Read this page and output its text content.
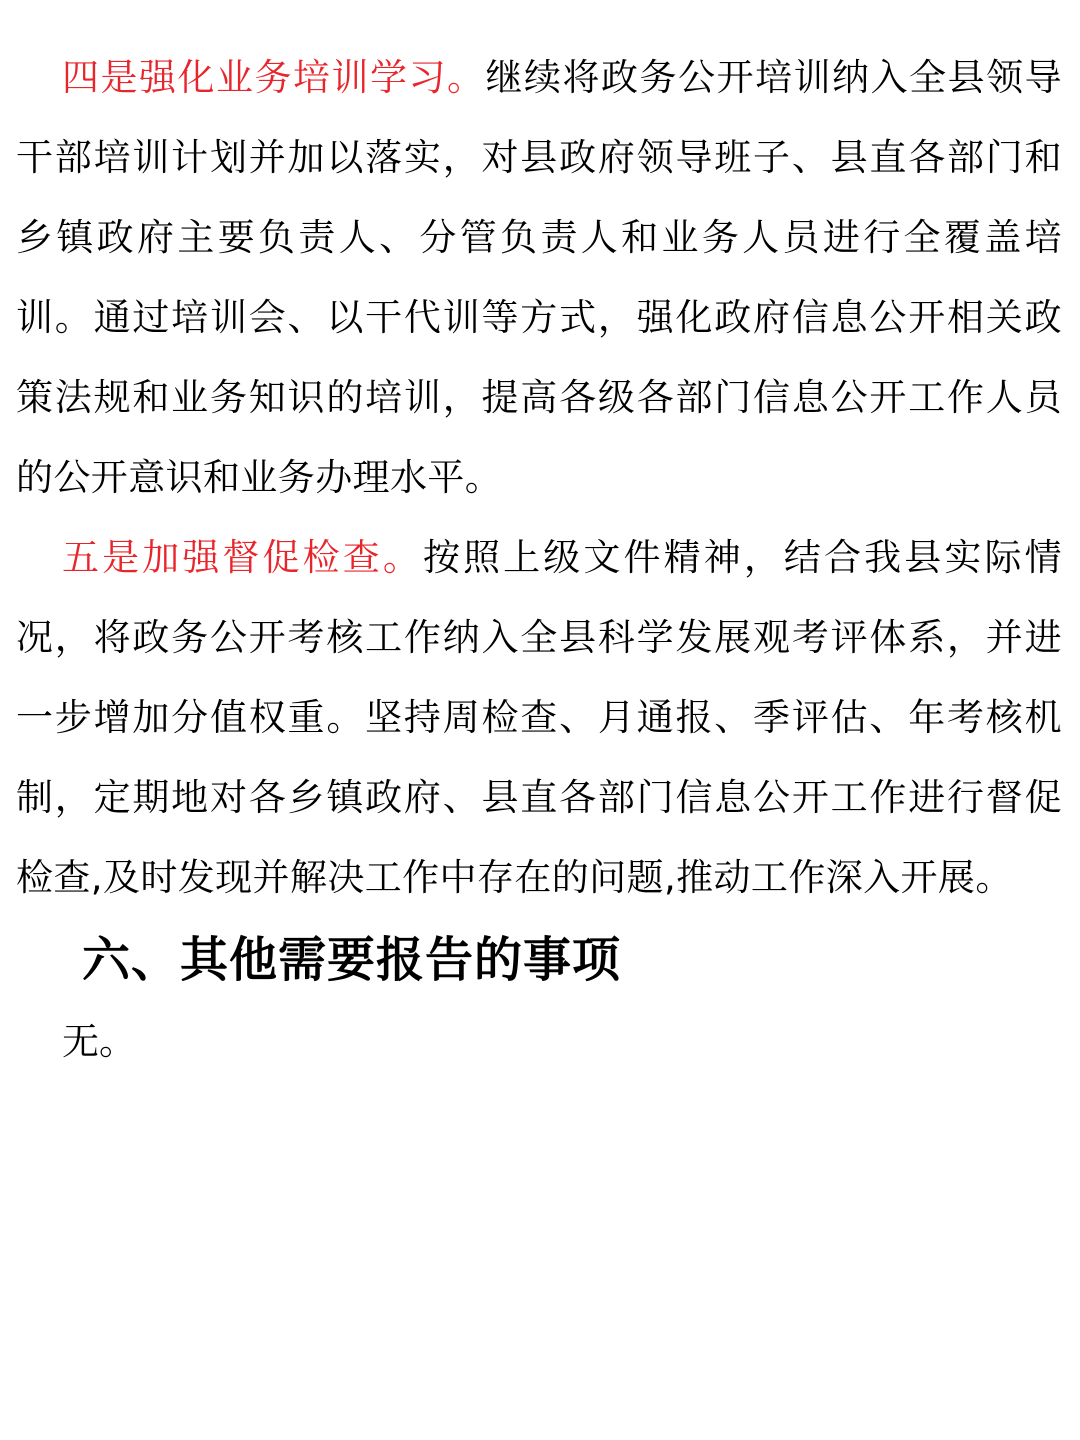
四是强化业务培训学习。继续将政务公开培训纳入全县领导干部培训计划并加以落实，对县政府领导班子、县直各部门和乡镇政府主要负责人、分管负责人和业务人员进行全覆盖培训。通过培训会、以干代训等方式，强化政府信息公开相关政策法规和业务知识的培训，提高各级各部门信息公开工作人员的公开意识和业务办理水平。

五是加强督促检查。按照上级文件精神，结合我县实际情况，将政务公开考核工作纳入全县科学发展观考评体系，并进一步增加分值权重。坚持周检查、月通报、季评估、年考核机制，定期地对各乡镇政府、县直各部门信息公开工作进行督促检查,及时发现并解决工作中存在的问题,推动工作深入开展。

六、其他需要报告的事项

无。
